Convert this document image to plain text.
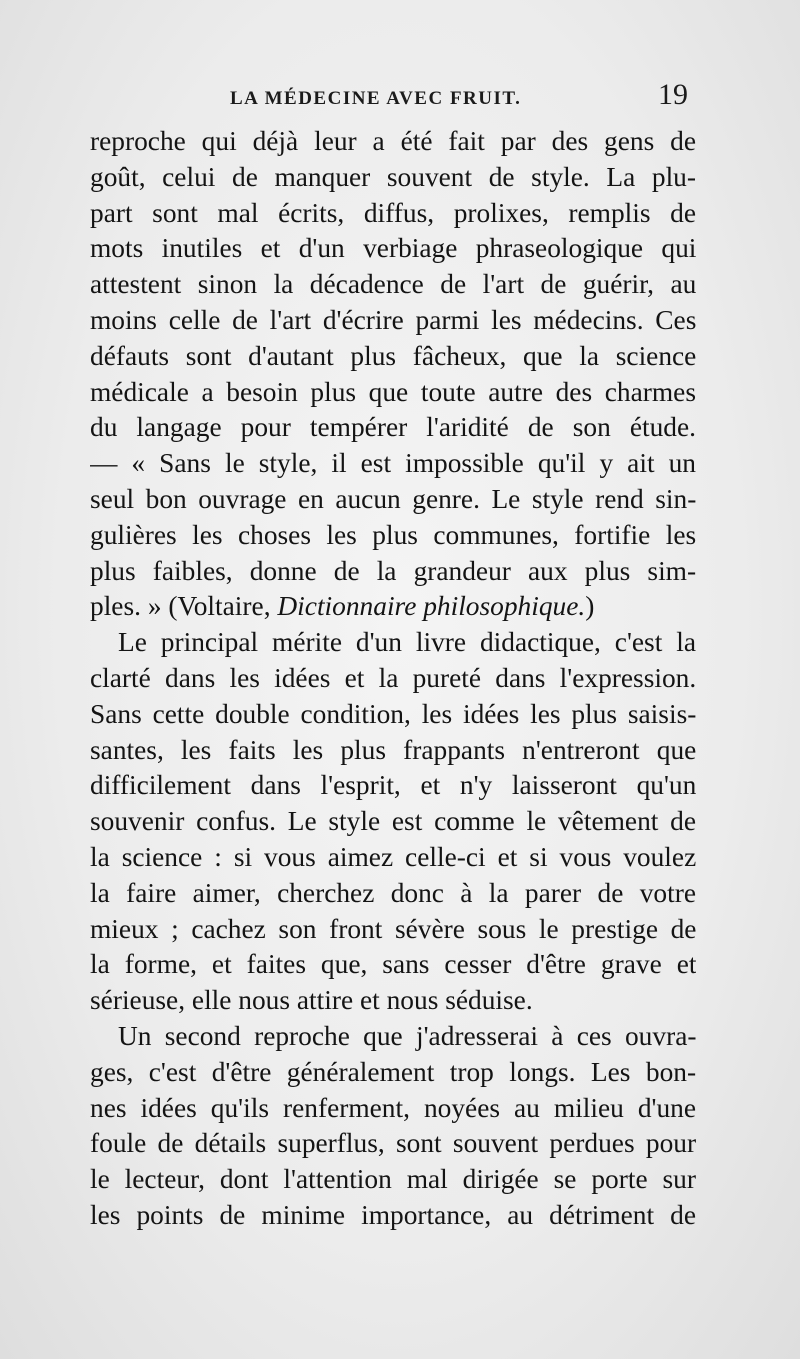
LA MÉDECINE AVEC FRUIT.	19
reproche qui déjà leur a été fait par des gens de
goût, celui de manquer souvent de style. La plu-
part sont mal écrits, diffus, prolixes, remplis de
mots inutiles et d'un verbiage phraseologique qui
attestent sinon la décadence de l'art de guérir, au
moins celle de l'art d'écrire parmi les médecins. Ces
défauts sont d'autant plus fâcheux, que la science
médicale a besoin plus que toute autre des charmes
du langage pour tempérer l'aridité de son étude.
— « Sans le style, il est impossible qu'il y ait un
seul bon ouvrage en aucun genre. Le style rend sin-
gulières les choses les plus communes, fortifie les
plus faibles, donne de la grandeur aux plus sim-
ples. » (Voltaire, Dictionnaire philosophique.)
Le principal mérite d'un livre didactique, c'est la
clarté dans les idées et la pureté dans l'expression.
Sans cette double condition, les idées les plus saisis-
santes, les faits les plus frappants n'entreront que
difficilement dans l'esprit, et n'y laisseront qu'un
souvenir confus. Le style est comme le vêtement de
la science : si vous aimez celle-ci et si vous voulez
la faire aimer, cherchez donc à la parer de votre
mieux ; cachez son front sévère sous le prestige de
la forme, et faites que, sans cesser d'être grave et
sérieuse, elle nous attire et nous séduise.
Un second reproche que j'adresserai à ces ouvra-
ges, c'est d'être généralement trop longs. Les bon-
nes idées qu'ils renferment, noyées au milieu d'une
foule de détails superflus, sont souvent perdues pour
le lecteur, dont l'attention mal dirigée se porte sur
les points de minime importance, au détriment de
